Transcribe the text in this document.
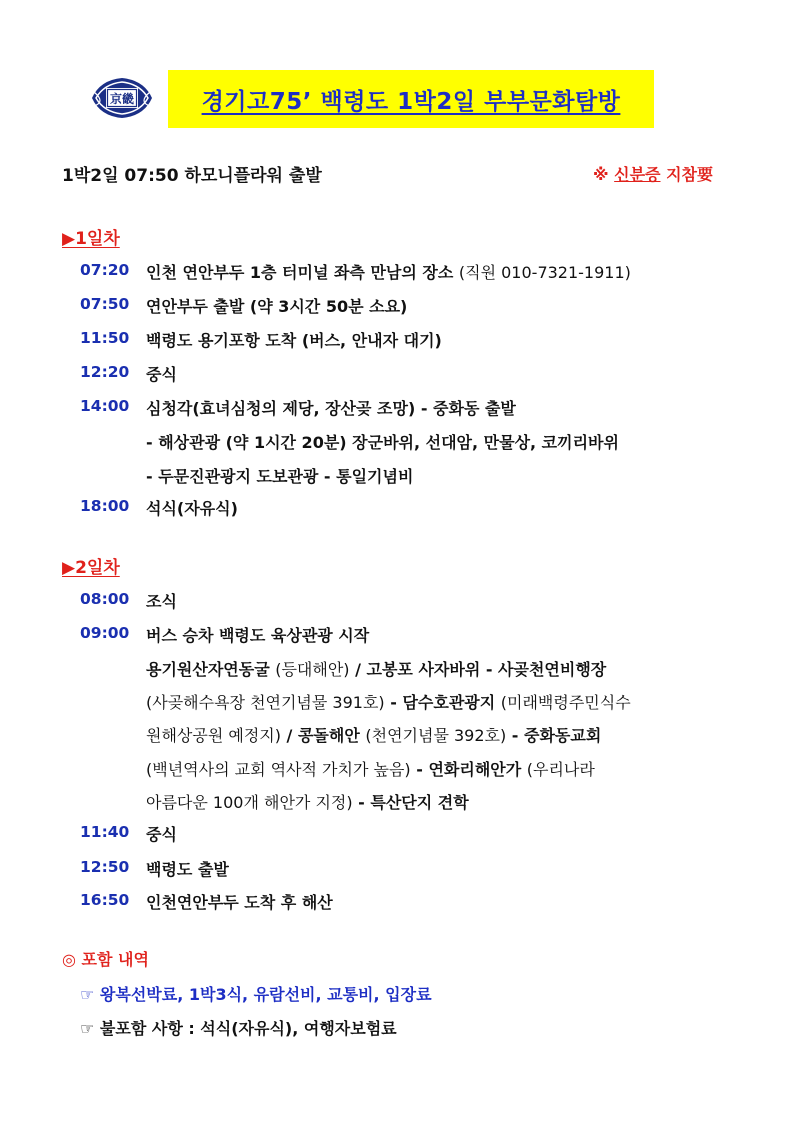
京畿	경기고75’ 백령도 1박2일 부부문화탐방
1박2일 07:50 하모니플라워 출발	※ 신분증 지참要
▶1일차
07:20 인천 연안부두 1층 터미널 좌측 만남의 장소 (직원 010-7321-1911)
07:50 연안부두 출발 (약 3시간 50분 소요)
11:50 백령도 용기포항 도착 (버스, 안내자 대기)
12:20 중식
14:00 심청각(효녀심청의 제당, 장산곶 조망) - 중화동 출발
- 해상관광 (약 1시간 20분) 장군바위, 선대암, 만물상, 코끼리바위
- 두문진관광지 도보관광 - 통일기념비
18:00 석식(자유식)
▶2일차
08:00 조식
09:00 버스 승차 백령도 육상관광 시작
용기원산자연동굴 (등대해안) / 고봉포 사자바위 - 사곶천연비행장
(사곶해수욕장 천연기념물 391호) - 담수호관광지 (미래백령주민식수
원해상공원 예정지) / 콩돌해안 (천연기념물 392호) - 중화동교회
(백년역사의 교회 역사적 가치가 높음) - 연화리해안가 (우리나라
아름다운 100개 해안가 지정) - 특산단지 견학
11:40 중식
12:50 백령도 출발
16:50 인천연안부두 도착 후 해산
◎ 포함 내역
☞ 왕복선박료, 1박3식, 유람선비, 교통비, 입장료
☞ 불포함 사항 : 석식(자유식), 여행자보험료
